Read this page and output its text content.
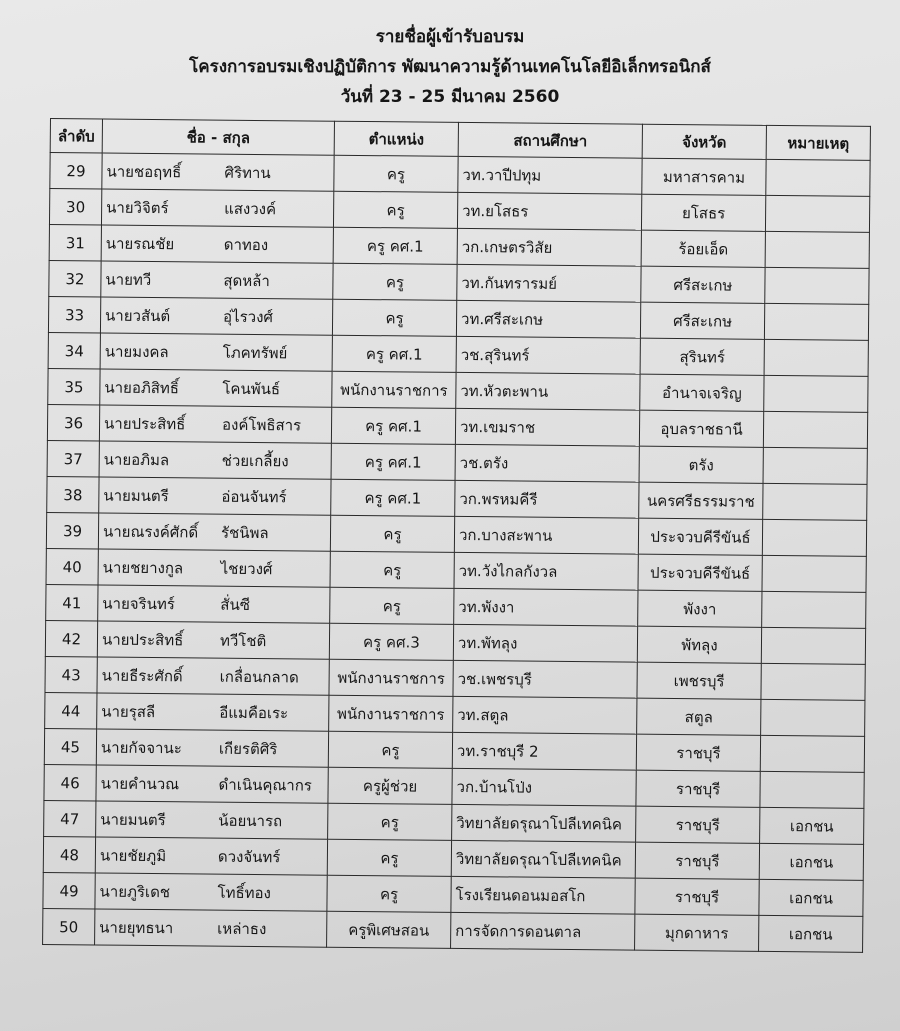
รายชื่อผู้เข้ารับอบรม
โครงการอบรมเชิงปฏิบัติการ พัฒนาความรู้ด้านเทคโนโลยีอิเล็กทรอนิกส์
วันที่ 23 - 25 มีนาคม 2560
ลำดับ	ชื่อ - สกุล	ตำแหน่ง	สถานศึกษา	จังหวัด	หมายเหตุ
29	นายชอฤทธิ์ ศิริทาน	ครู	วท.วาปีปทุม	มหาสารคาม	
30	นายวิจิตร์ แสงวงค์	ครู	วท.ยโสธร	ยโสธร	
31	นายรณชัย ดาทอง	ครู คศ.1	วก.เกษตรวิสัย	ร้อยเอ็ด	
32	นายทวี สุดหล้า	ครู	วท.กันทรารมย์	ศรีสะเกษ	
33	นายวสันต์ อุ่ไรวงศ์	ครู	วท.ศรีสะเกษ	ศรีสะเกษ	
34	นายมงคล โภคทรัพย์	ครู คศ.1	วช.สุรินทร์	สุรินทร์	
35	นายอภิสิทธิ์ โคนพันธ์	พนักงานราชการ	วท.หัวตะพาน	อำนาจเจริญ	
36	นายประสิทธิ์ องค์โพธิสาร	ครู คศ.1	วท.เขมราช	อุบลราชธานี	
37	นายอภิมล ช่วยเกลี้ยง	ครู คศ.1	วช.ตรัง	ตรัง	
38	นายมนตรี อ่อนจันทร์	ครู คศ.1	วก.พรหมคีรี	นครศรีธรรมราช	
39	นายณรงค์ศักดิ์ รัชนิพล	ครู	วก.บางสะพาน	ประจวบคีรีขันธ์	
40	นายชยางกูล ไชยวงศ์	ครู	วท.วังไกลกังวล	ประจวบคีรีขันธ์	
41	นายจรินทร์ สั่นซี	ครู	วท.พังงา	พังงา	
42	นายประสิทธิ์ ทวีโชติ	ครู คศ.3	วท.พัทลุง	พัทลุง	
43	นายธีระศักดิ์ เกลื่อนกลาด	พนักงานราชการ	วช.เพชรบุรี	เพชรบุรี	
44	นายรุสลี อีแมคือเระ	พนักงานราชการ	วท.สตูล	สตูล	
45	นายกัจจานะ เกียรติศิริ	ครู	วท.ราชบุรี 2	ราชบุรี	
46	นายคำนวณ ดำเนินคุณากร	ครูผู้ช่วย	วก.บ้านโป่ง	ราชบุรี	
47	นายมนตรี น้อยนารถ	ครู	วิทยาลัยดรุณาโปลีเทคนิค	ราชบุรี	เอกชน
48	นายชัยภูมิ ดวงจันทร์	ครู	วิทยาลัยดรุณาโปลีเทคนิค	ราชบุรี	เอกชน
49	นายภูริเดช โทธิ์ทอง	ครู	โรงเรียนดอนมอสโก	ราชบุรี	เอกชน
50	นายยุทธนา เหล่าธง	ครูพิเศษสอน	การจัดการดอนตาล	มุกดาหาร	เอกชน
